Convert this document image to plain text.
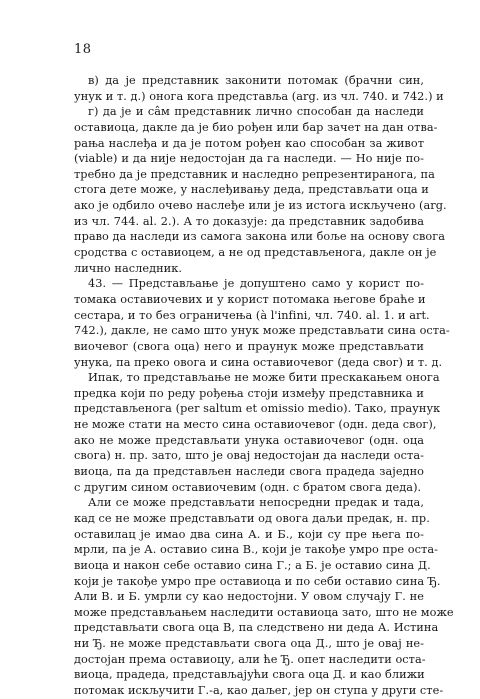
18
в) да је представник законити потомак (брачни син,
унук и т. д.) онога кога представља (arg. из чл. 740. и 742.) и
г) да је и сâм представник лично способан да наследи
оставиоца, дакле да је био рођен или бар зачет на дан отва-
рања наслеђа и да је потом рођен као способан за живот
(viable) и да није недостојан да га наследи. — Но није по-
требно да је представник и наследно репрезентиранога, па
стога дете може, у наслеђивању деда, представљати оца и
ако је одбило очево наслеђе или је из истога искључено (arg.
из чл. 744. al. 2.). А то доказује: да представник задобива
право да наследи из самога закона или боље на основу свога
сродства с оставиоцем, а не од представљенога, дакле он је
лично наследник.
43. — Представљање је допуштено само у корист по-
томака оставиочевих и у корист потомака његове браће и
сестара, и то без ограничења (à l'infini, чл. 740. al. 1. и art.
742.), дакле, не само што унук може представљати сина оста-
виочевог (свога оца) него и праунук може представљати
унука, па преко овога и сина оставиочевог (деда свог) и т. д.
Ипак, то представљање не може бити прескакањем онога
предка који по реду рођења стоји између представника и
представљенога (per saltum et omissio medio). Тако, праунук
не може стати на место сина оставиочевог (одн. деда свог),
ако не може представљати унука оставиочевог (одн. оца
свога) н. пр. зато, што је овај недостојан да наследи оста-
виоца, па да представљен наследи свога прадеда заједно
с другим сином оставиочевим (одн. с братом свога деда).
Али се може представљати непосредни предак и тада,
кад се не може представљати од овога даљи предак, н. пр.
оставилац је имао два сина А. и Б., који су пре њега по-
мрли, па је А. оставио сина В., који је такође умро пре оста-
виоца и након себе оставио сина Г.; а Б. је оставио сина Д.
који је такође умро пре оставиоца и по себи оставио сина Ђ.
Али В. и Б. умрли су као недостојни. У овом случају Г. не
може представљањем наследити оставиоца зато, што не може
представљати свога оца В, па следствено ни деда А. Истина
ни Ђ. не може представљати свога оца Д., што је овај не-
достојан према оставиоцу, али ће Ђ. опет наследити оста-
виоца, прадеда, представљајући свога оца Д. и као ближи
потомак искључити Г.-а, као даљег, јер он ступа у други сте-
